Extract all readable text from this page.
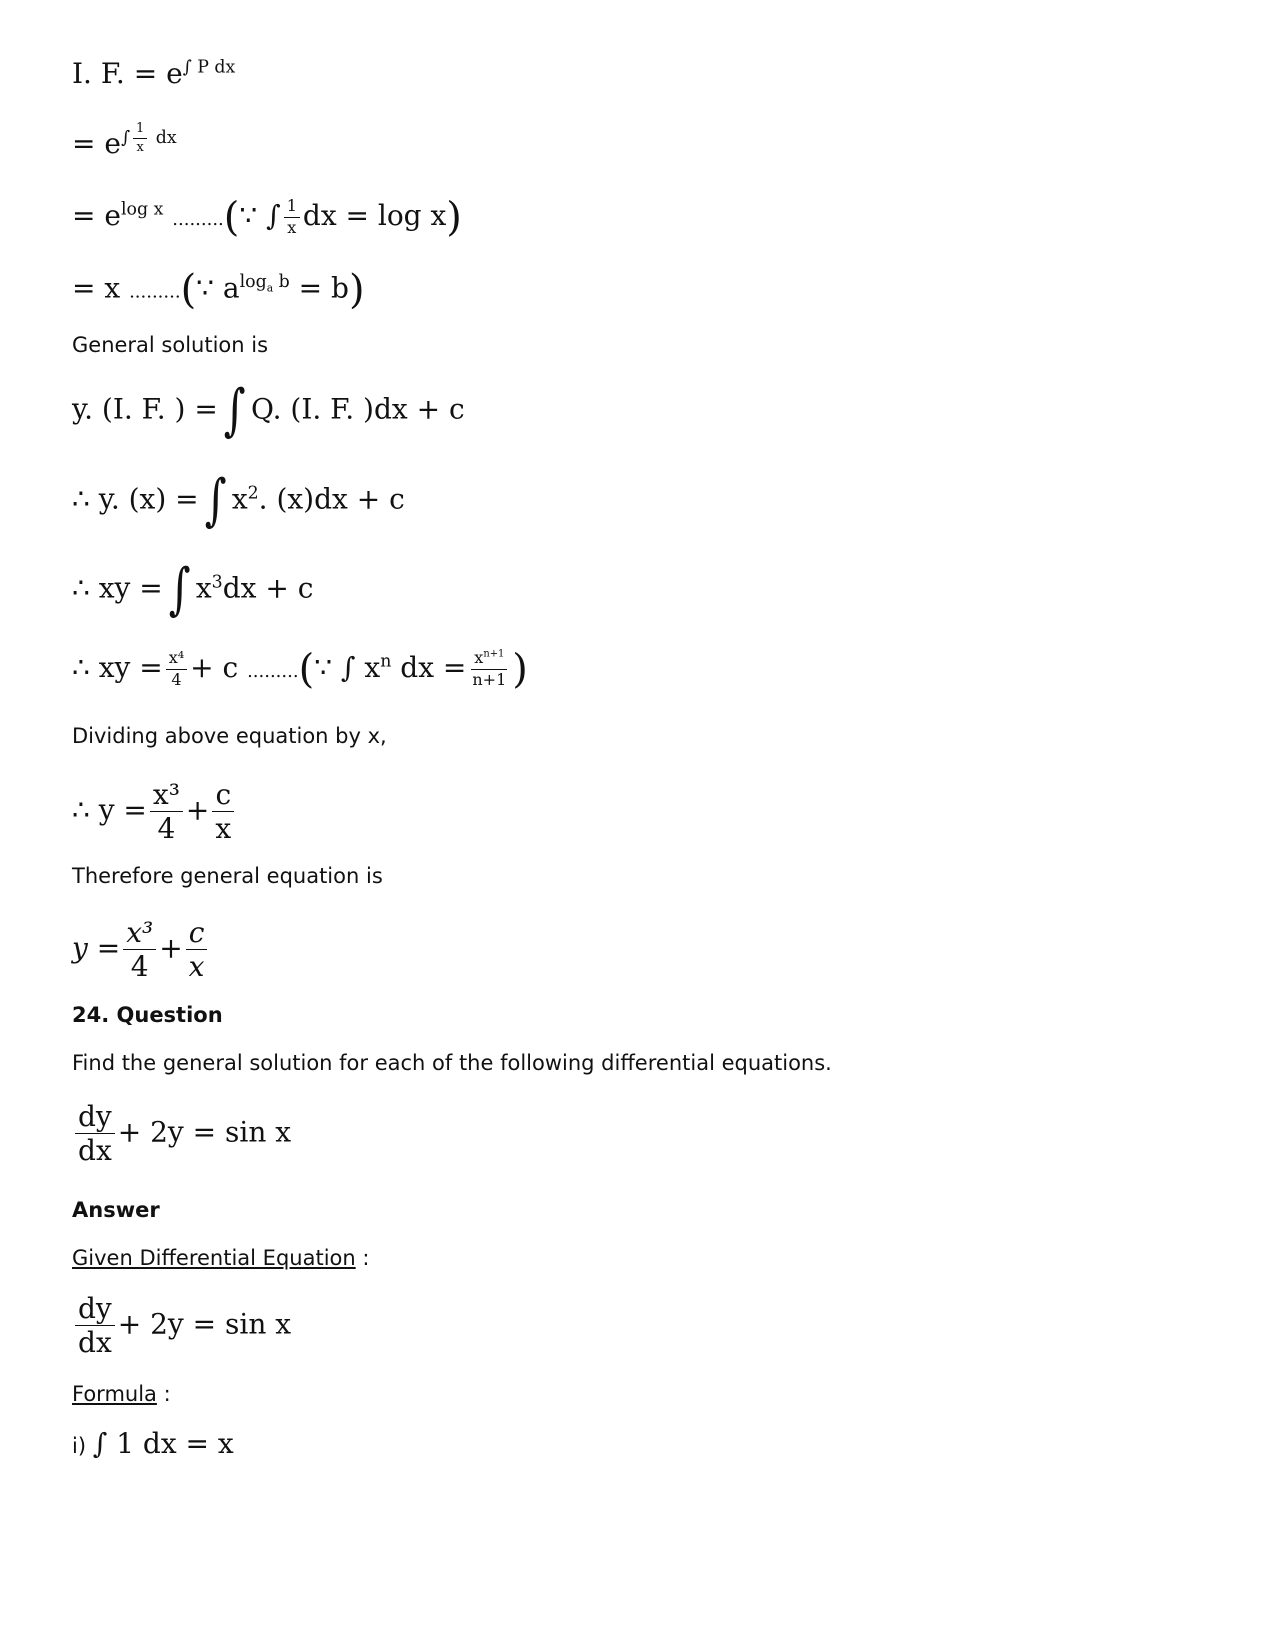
I. F. = $e^{\int P dx}$
= $e^{\int \frac{1}{x} dx}$
= $e^{log x}$ .........(∵ ∫ $\frac{1}{x}$ dx = log x)
= x .........(∵ $a^{log_a b} = b$)
General solution is
y. (I. F. ) = ∫ Q. (I. F. )dx + c
∴ y. (x) = ∫ $x^2$. (x)dx + c
∴ xy = ∫ $x^3dx + c$
∴ xy = $\frac{\text{x⁴}}{4} + c$ .........(∵ ∫ $x^n$ dx = $\frac{x^{n+1}}{n+1}$ )
Dividing above equation by x,
∴ $y = \frac{\text{x³}}{4} + \frac{c}{x}$
Therefore general equation is
$y = \frac{\text{x³}}{4} + \frac{c}{x}$
24. Question
Find the general solution for each of the following differential equations.
$\frac{dy}{dx} + 2y = \sin x$
Answer
Given Differential Equation :
$\frac{dy}{dx} + 2y = \sin x$
Formula :
i) ∫ 1 dx = x
